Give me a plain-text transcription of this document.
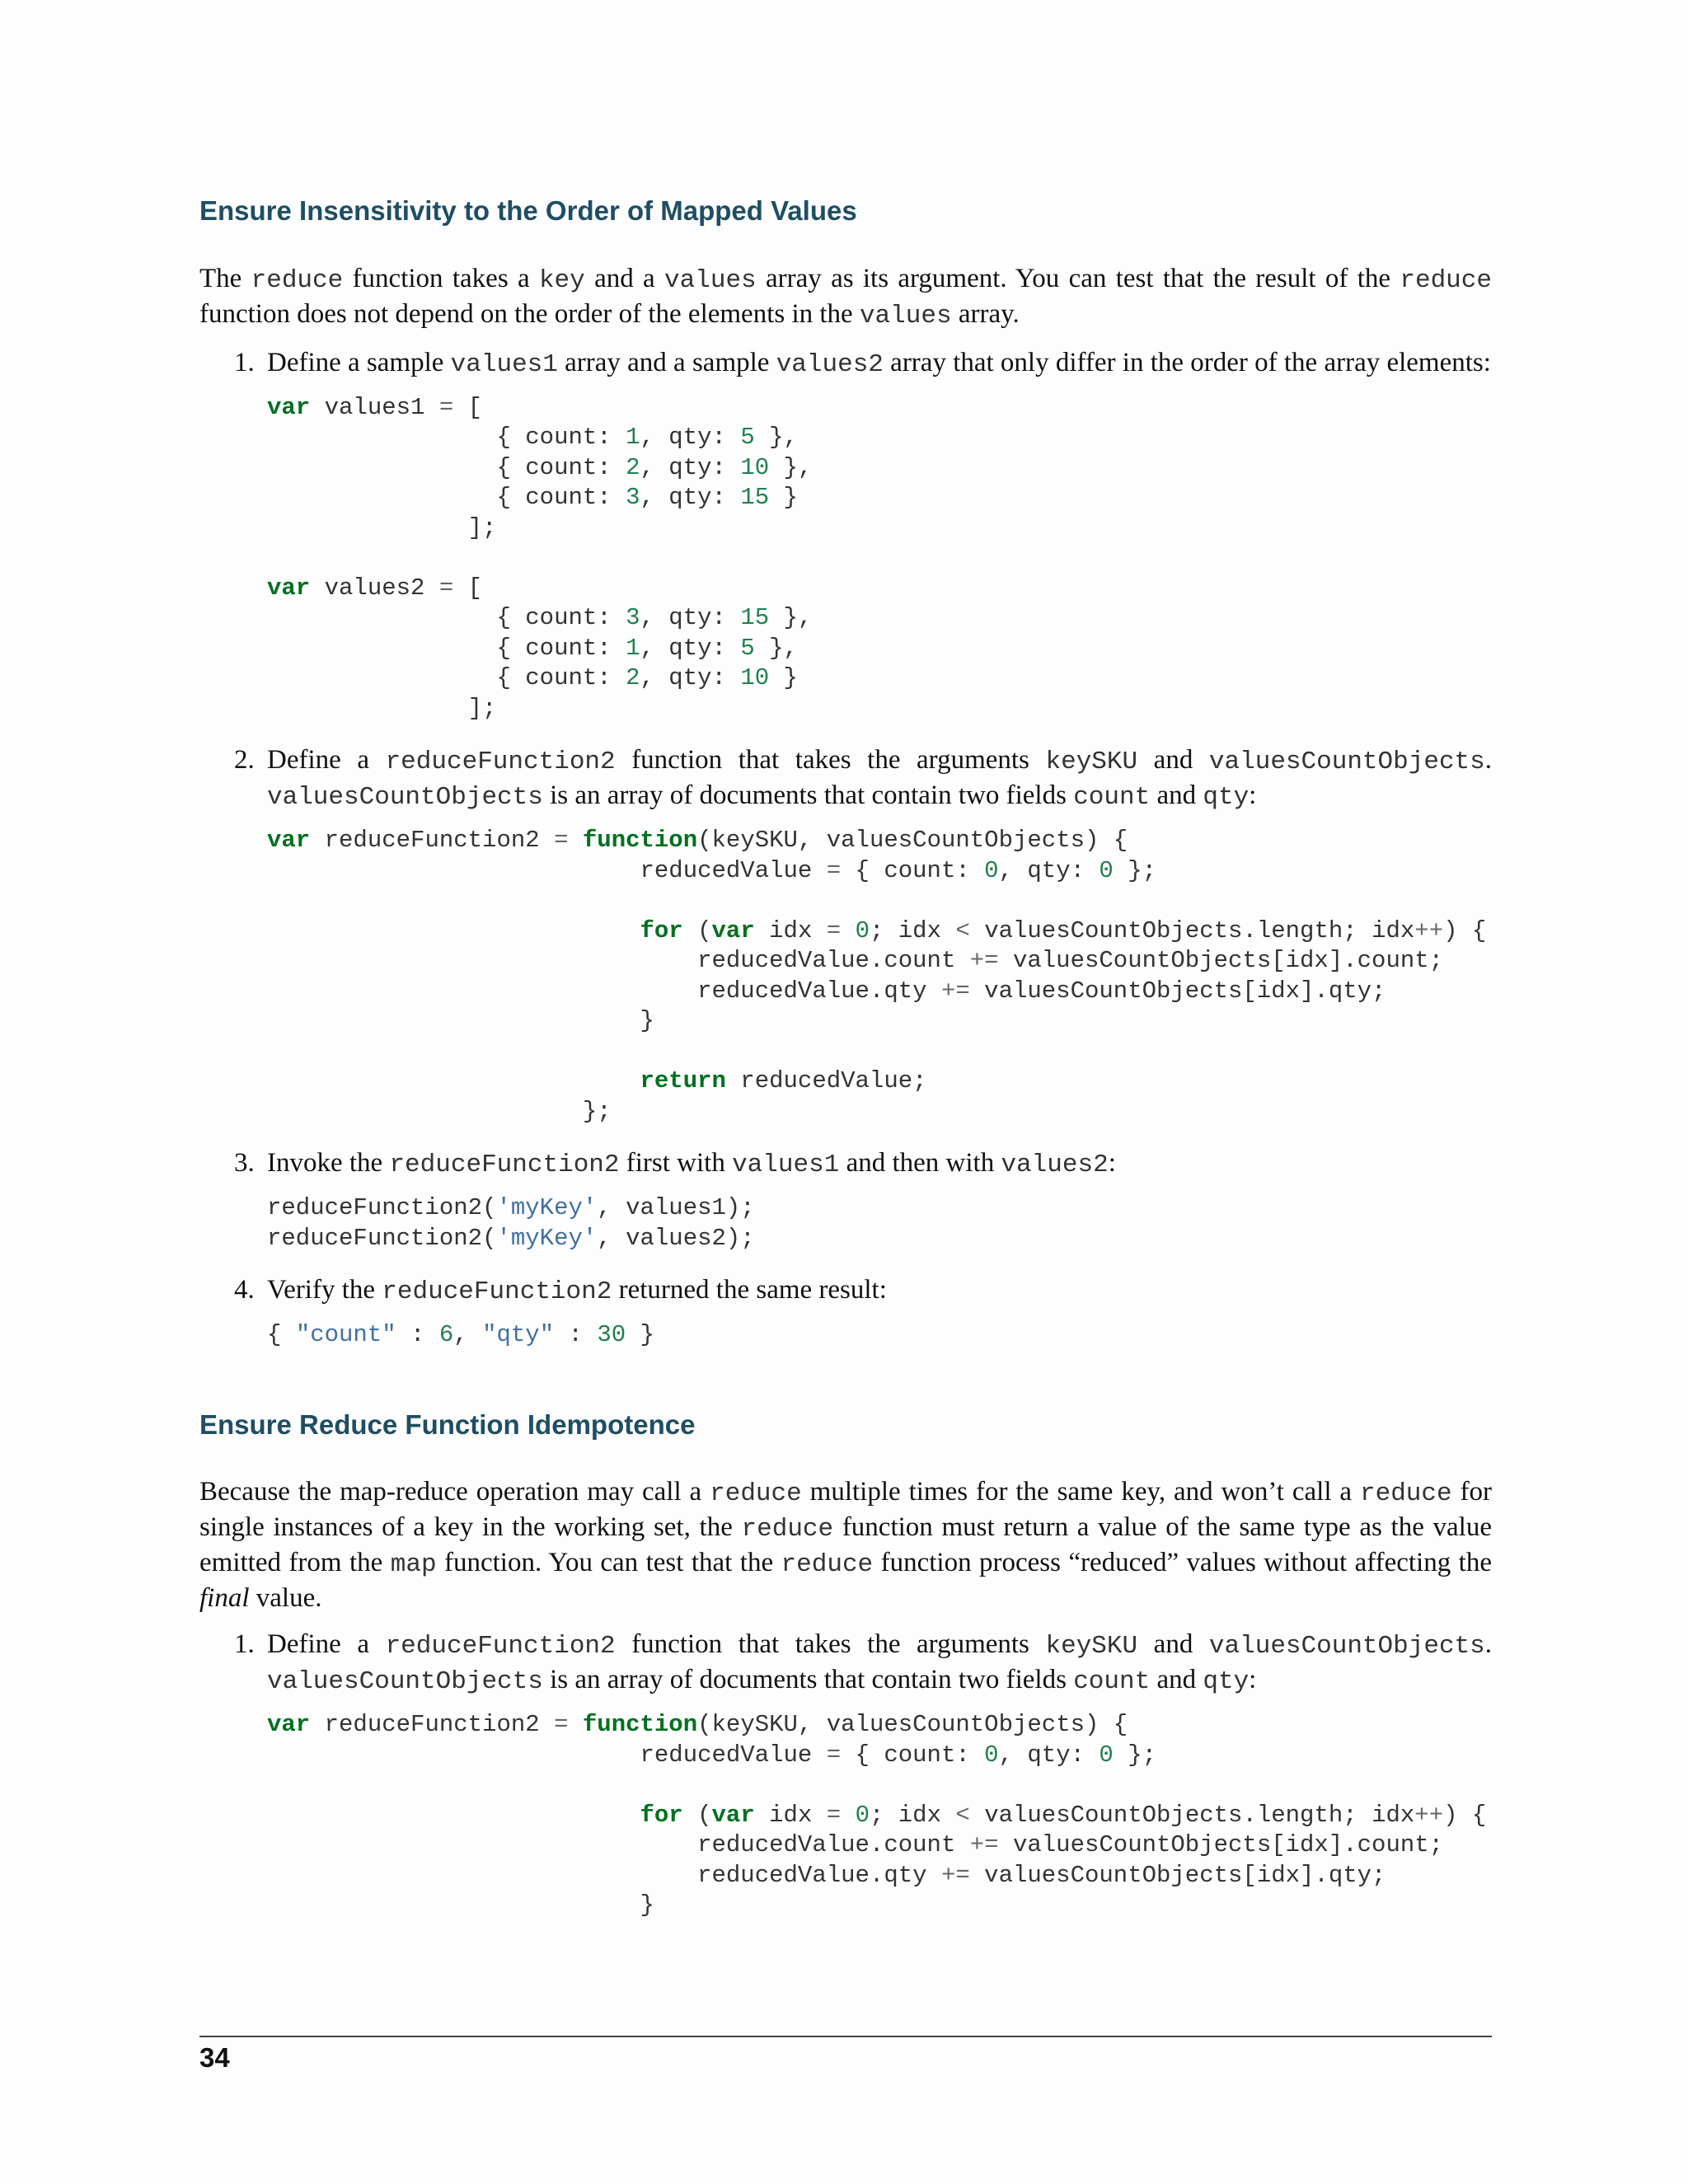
Ensure Insensitivity to the Order of Mapped Values

The reduce function takes a key and a values array as its argument. You can test that the result of the reduce function does not depend on the order of the elements in the values array.

1. Define a sample values1 array and a sample values2 array that only differ in the order of the array elements:

var values1 = [
{ count: 1, qty: 5 },
{ count: 2, qty: 10 },
{ count: 3, qty: 15 }
];

var values2 = [
{ count: 3, qty: 15 },
{ count: 1, qty: 5 },
{ count: 2, qty: 10 }
];
2. Define a reduceFunction2 function that takes the arguments keySKU and valuesCountObjects. valuesCountObjects is an array of documents that contain two fields count and qty:

var reduceFunction2 = function(keySKU, valuesCountObjects) {
reducedValue = { count: 0, qty: 0 };

for (var idx = 0; idx < valuesCountObjects.length; idx++) {
reducedValue.count += valuesCountObjects[idx].count;
reducedValue.qty += valuesCountObjects[idx].qty;
}

return reducedValue;
};
3. Invoke the reduceFunction2 first with values1 and then with values2:

reduceFunction2('myKey', values1);
reduceFunction2('myKey', values2);
4. Verify the reduceFunction2 returned the same result:

{ "count" : 6, "qty" : 30 }
Ensure Reduce Function Idempotence

Because the map-reduce operation may call a reduce multiple times for the same key, and won’t call a reduce for single instances of a key in the working set, the reduce function must return a value of the same type as the value emitted from the map function. You can test that the reduce function process “reduced” values without affecting the final value.

1. Define a reduceFunction2 function that takes the arguments keySKU and valuesCountObjects. valuesCountObjects is an array of documents that contain two fields count and qty:

var reduceFunction2 = function(keySKU, valuesCountObjects) {
reducedValue = { count: 0, qty: 0 };

for (var idx = 0; idx < valuesCountObjects.length; idx++) {
reducedValue.count += valuesCountObjects[idx].count;
reducedValue.qty += valuesCountObjects[idx].qty;
}
34
